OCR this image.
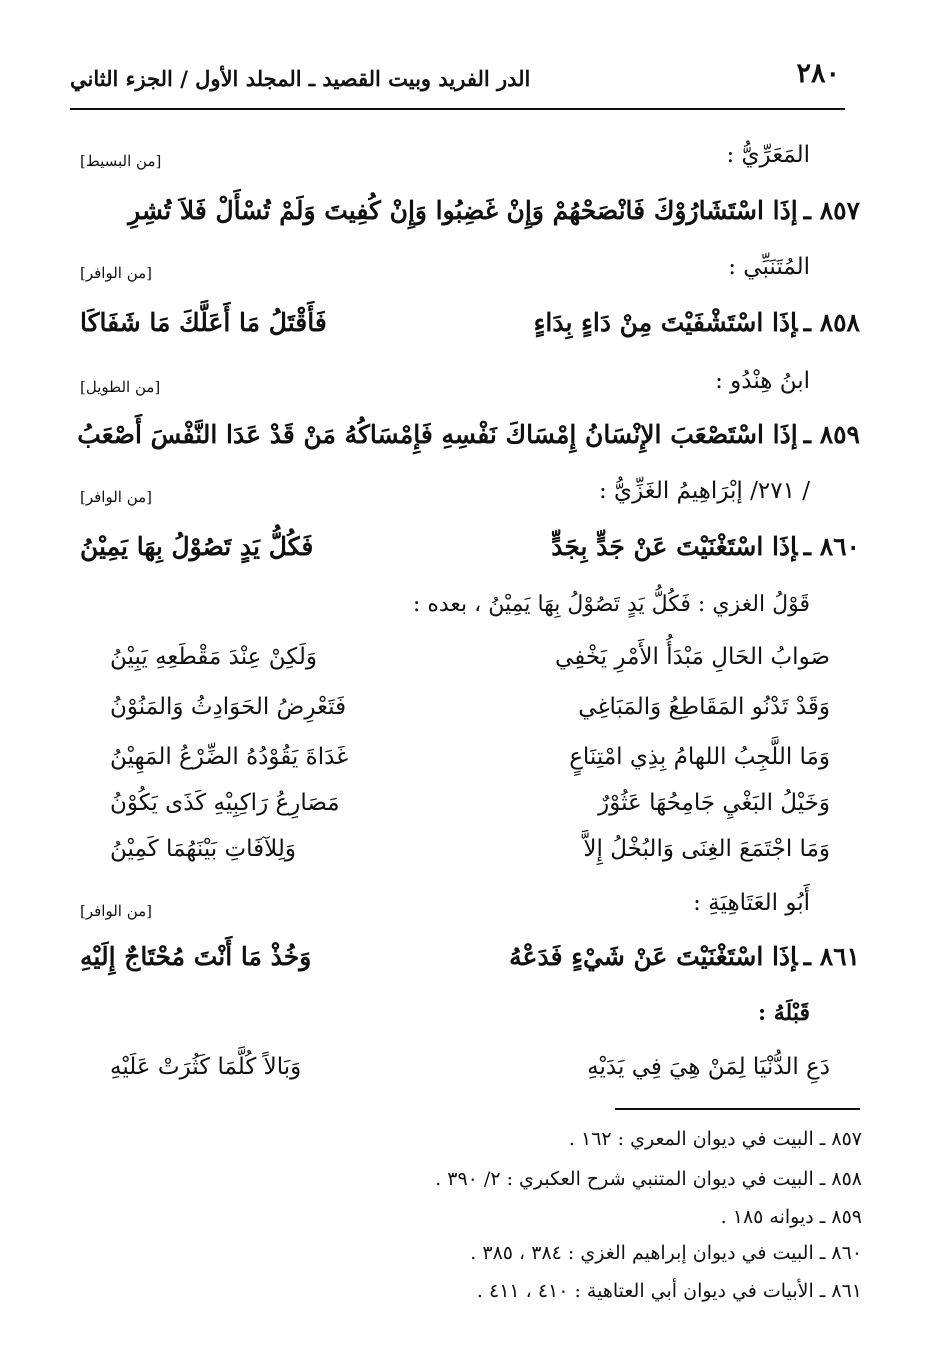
٢٨٠
الدر الفريد وبيت القصيد ـ المجلد الأول / الجزء الثاني
المَعَرِّيُّ :
[من البسيط]
٨٥٧ ـ
إذَا اسْتَشَارُوْكَ فَانْصَحْهُمْ وَإِنْ غَضِبُوا وَإِنْ كُفِيتَ وَلَمْ تُسْأَلْ فَلاَ تُشِرِ
المُتَنَبِّي :
[من الوافر]
٨٥٨ ـإذَا اسْتَشْفَيْتَ مِنْ دَاءٍ بِدَاءٍ
فَأَقْتَلُ مَا أَعَلَّكَ مَا شَفَاكَا
ابنُ هِنْدُو :
[من الطويل]
٨٥٩ ـ
إذَا اسْتَصْعَبَ الإِنْسَانُ إِمْسَاكَ نَفْسِهِ فَإِمْسَاكُهُ مَنْ قَدْ عَدَا النَّفْسَ أَصْعَبُ
/ ٢٧١/ إبْرَاهِيمُ الغَزِّيُّ :
[من الوافر]
٨٦٠ ـإذَا اسْتَغْنَيْتَ عَنْ جَدٍّ بِجَدٍّ
فَكُلُّ يَدٍ تَصُوْلُ بِهَا يَمِيْنُ
قَوْلُ الغزي : فَكُلُّ يَدٍ تَصُوْلُ بِهَا يَمِيْنُ ، بعده :
صَوابُ الحَالِ مَبْدَأُ الأَمْرِ يَخْفِي
وَلَكِنْ عِنْدَ مَقْطَعِهِ يَبِيْنُ
وَقَدْ تَدْنُو المَقَاطِعُ وَالمَبَاغِي
فَتَعْرِضُ الحَوَادِثُ وَالمَنُوْنُ
وَمَا اللَّجِبُ اللهامُ بِذِي امْتِنَاعٍ
غَدَاةَ يَقُوْدُهُ الضِّرْعُ المَهِيْنُ
وَخَيْلُ البَغْيِ جَامِحُهَا عَثُوْرٌ
مَصَارِعُ رَاكِبِيْهِ كَذَى يَكُوْنُ
وَمَا اجْتَمَعَ الغِنَى وَالبُخْلُ إِلاَّ
وَلِلآفَاتِ بَيْنَهُمَا كَمِيْنُ
أَبُو العَتَاهِيَةِ :
[من الوافر]
٨٦١ ـإذَا اسْتَغْنَيْتَ عَنْ شَيْءٍ فَدَعْهُ
وَخُذْ مَا أَنْتَ مُحْتَاجٌ إِلَيْهِ
قَبْلَهُ :
دَعِ الدُّنْيَا لِمَنْ هِيَ فِي يَدَيْهِ
وَبَالاً كُلَّمَا كَثُرَتْ عَلَيْهِ
٨٥٧ ـ البيت في ديوان المعري : ١٦٢ .
٨٥٨ ـ البيت في ديوان المتنبي شرح العكبري : ٢/ ٣٩٠ .
٨٥٩ ـ ديوانه ١٨٥ .
٨٦٠ ـ البيت في ديوان إبراهيم الغزي : ٣٨٤ ، ٣٨٥ .
٨٦١ ـ الأبيات في ديوان أبي العتاهية : ٤١٠ ، ٤١١ .
